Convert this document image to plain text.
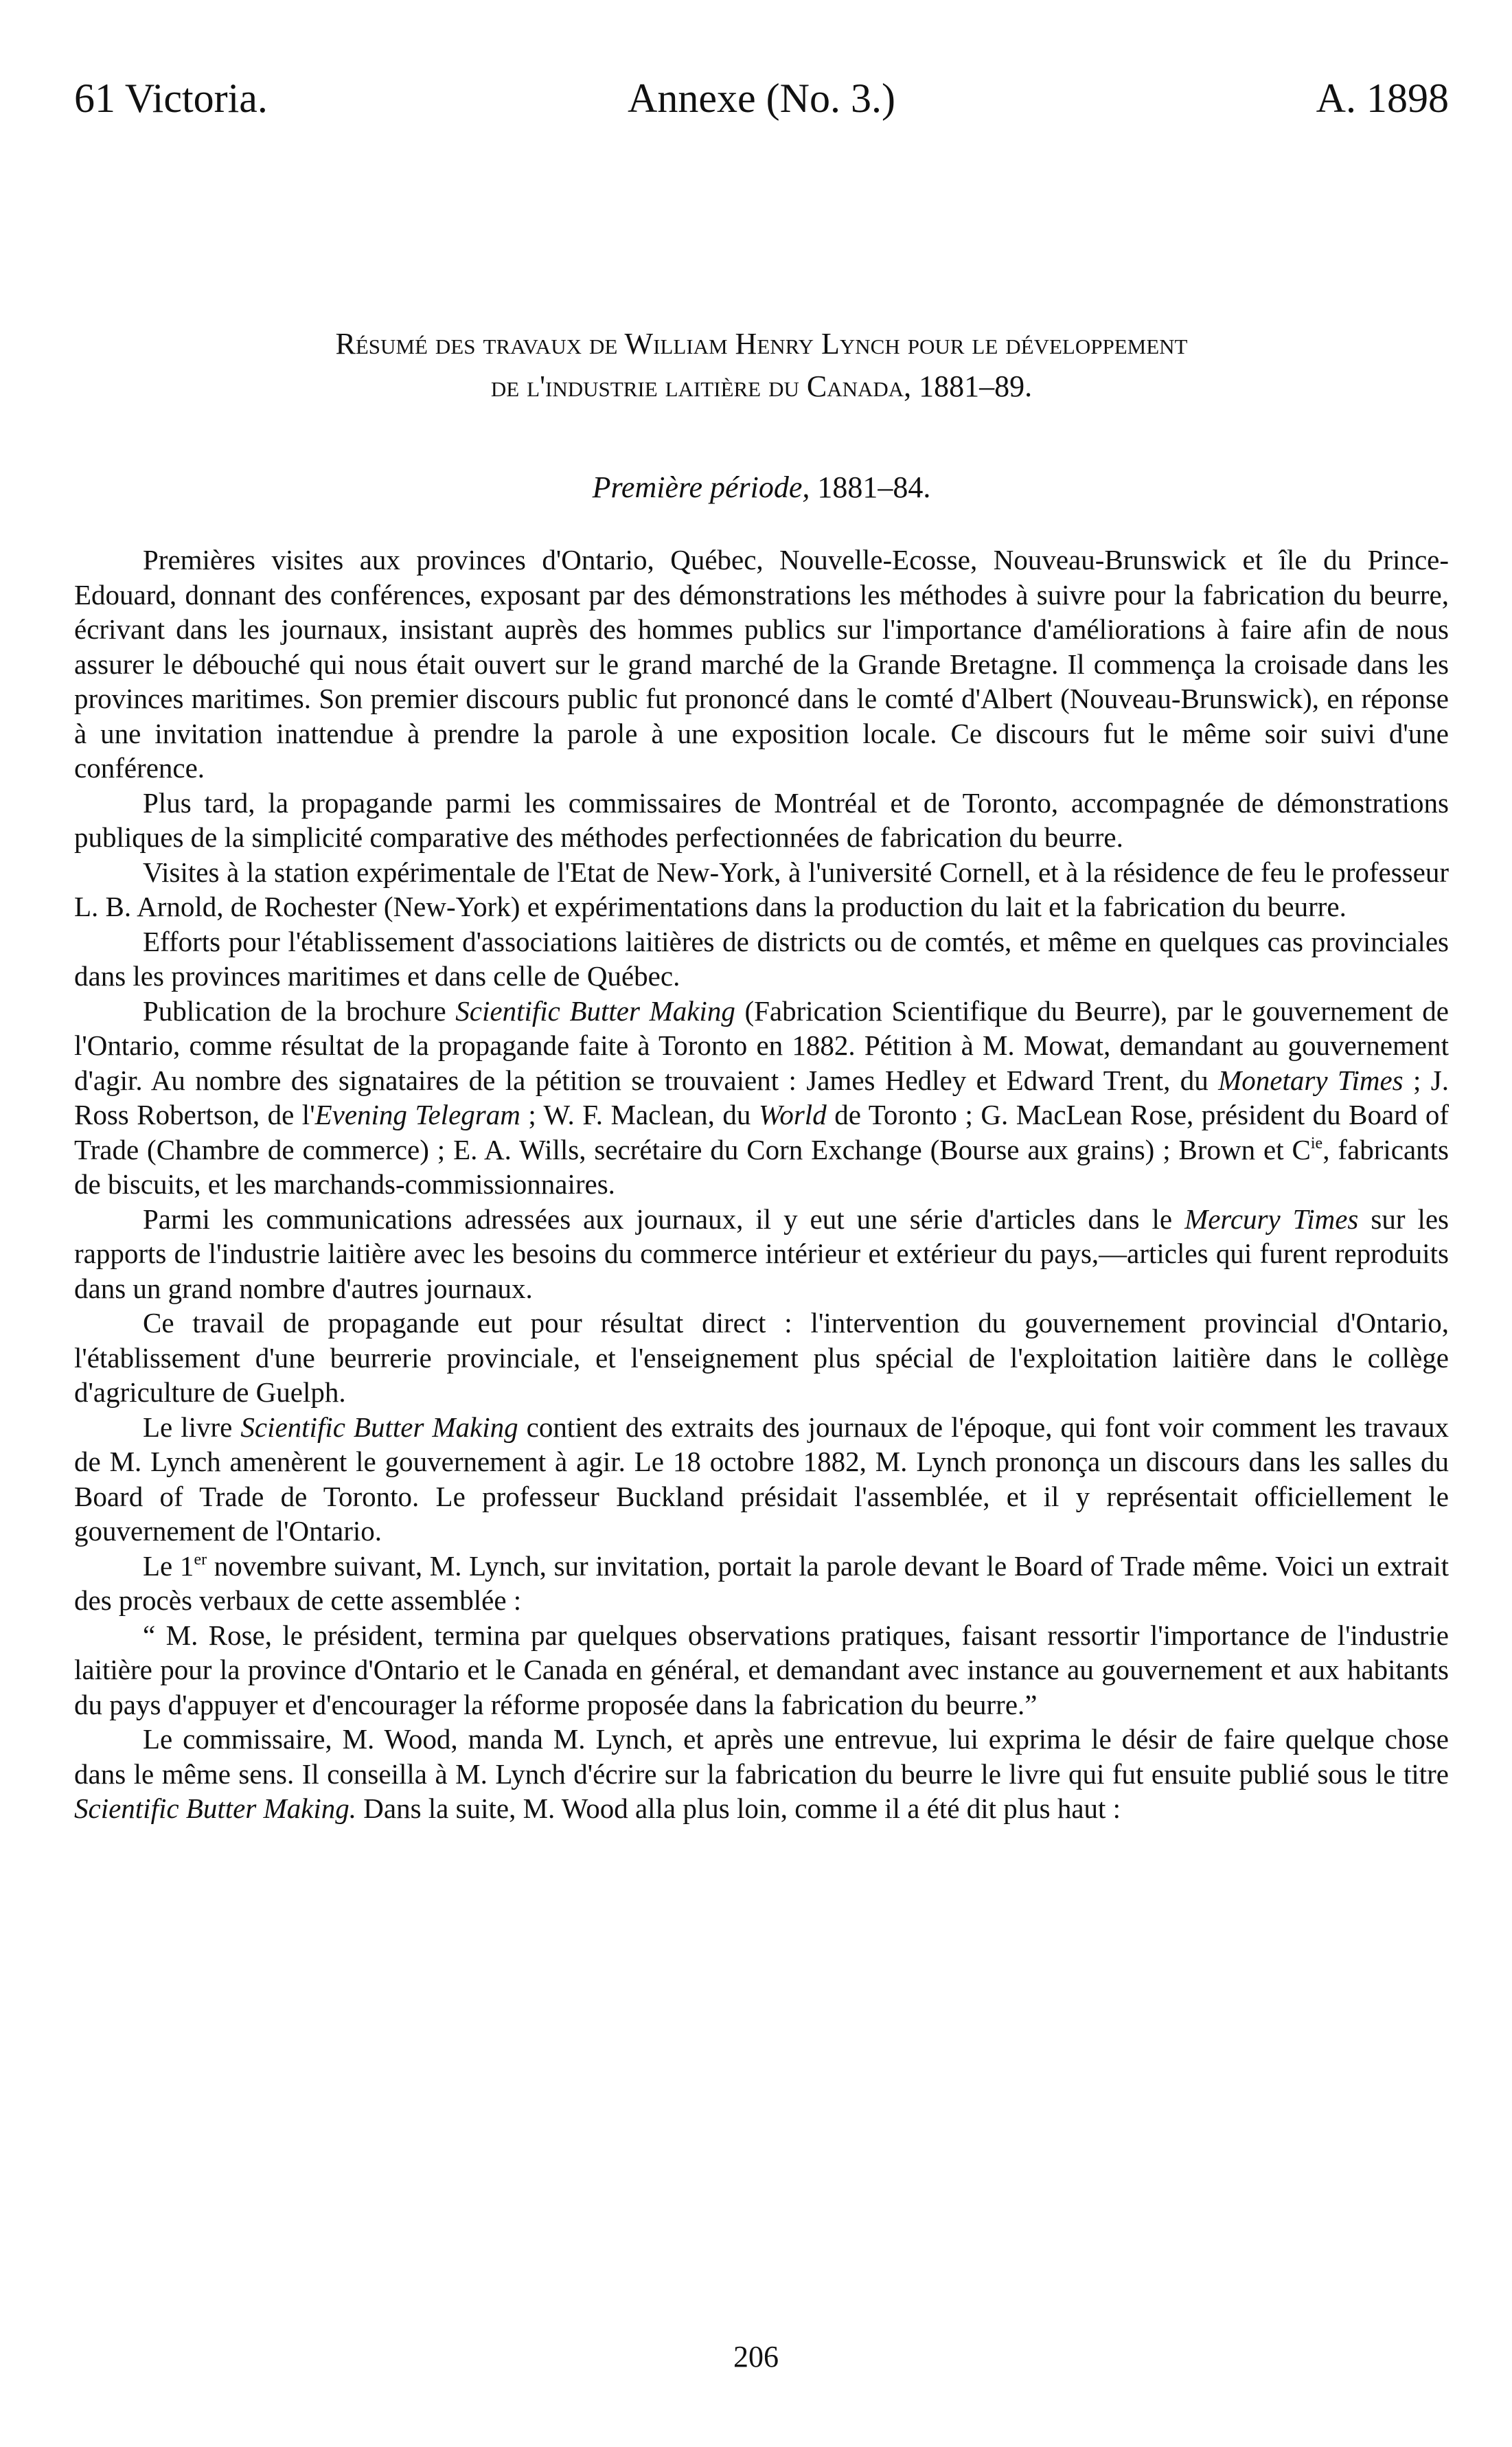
Annexe (No. 3.)
61 Victoria.	A. 1898

Résumé des travaux de William Henry Lynch pour le développement

de l'industrie laitière du Canada, 1881–89.

Première période, 1881–84.

Premières visites aux provinces d'Ontario, Québec, Nouvelle-Ecosse, Nouveau-Brunswick et île du Prince-Edouard, donnant des conférences, exposant par des démonstrations les méthodes à suivre pour la fabrication du beurre, écrivant dans les journaux, insistant auprès des hommes publics sur l'importance d'améliorations à faire afin de nous assurer le débouché qui nous était ouvert sur le grand marché de la Grande Bretagne. Il commença la croisade dans les provinces maritimes. Son premier discours public fut prononcé dans le comté d'Albert (Nouveau-Brunswick), en réponse à une invitation inattendue à prendre la parole à une exposition locale. Ce discours fut le même soir suivi d'une conférence.

Plus tard, la propagande parmi les commissaires de Montréal et de Toronto, accompagnée de démonstrations publiques de la simplicité comparative des méthodes perfectionnées de fabrication du beurre.

Visites à la station expérimentale de l'Etat de New-York, à l'université Cornell, et à la résidence de feu le professeur L. B. Arnold, de Rochester (New-York) et expérimentations dans la production du lait et la fabrication du beurre.

Efforts pour l'établissement d'associations laitières de districts ou de comtés, et même en quelques cas provinciales dans les provinces maritimes et dans celle de Québec.

Publication de la brochure Scientific Butter Making (Fabrication Scientifique du Beurre), par le gouvernement de l'Ontario, comme résultat de la propagande faite à Toronto en 1882. Pétition à M. Mowat, demandant au gouvernement d'agir. Au nombre des signataires de la pétition se trouvaient : James Hedley et Edward Trent, du Monetary Times ; J. Ross Robertson, de l'Evening Telegram ; W. F. Maclean, du World de Toronto ; G. MacLean Rose, président du Board of Trade (Chambre de commerce) ; E. A. Wills, secrétaire du Corn Exchange (Bourse aux grains) ; Brown et $C^{ie}$, fabricants de biscuits, et les marchands-commissionnaires.

Parmi les communications adressées aux journaux, il y eut une série d'articles dans le Mercury Times sur les rapports de l'industrie laitière avec les besoins du commerce intérieur et extérieur du pays,—articles qui furent reproduits dans un grand nombre d'autres journaux.

Ce travail de propagande eut pour résultat direct : l'intervention du gouvernement provincial d'Ontario, l'établissement d'une beurrerie provinciale, et l'enseignement plus spécial de l'exploitation laitière dans le collège d'agriculture de Guelph.

Le livre Scientific Butter Making contient des extraits des journaux de l'époque, qui font voir comment les travaux de M. Lynch amenèrent le gouvernement à agir. Le 18 octobre 1882, M. Lynch prononça un discours dans les salles du Board of Trade de Toronto. Le professeur Buckland présidait l'assemblée, et il y représentait officiellement le gouvernement de l'Ontario.

Le 1er novembre suivant, M. Lynch, sur invitation, portait la parole devant le Board of Trade même. Voici un extrait des procès verbaux de cette assemblée :

“ M. Rose, le président, termina par quelques observations pratiques, faisant ressortir l'importance de l'industrie laitière pour la province d'Ontario et le Canada en général, et demandant avec instance au gouvernement et aux habitants du pays d'appuyer et d'encourager la réforme proposée dans la fabrication du beurre.”

Le commissaire, M. Wood, manda M. Lynch, et après une entrevue, lui exprima le désir de faire quelque chose dans le même sens. Il conseilla à M. Lynch d'écrire sur la fabrication du beurre le livre qui fut ensuite publié sous le titre Scientific Butter Making. Dans la suite, M. Wood alla plus loin, comme il a été dit plus haut :

206
